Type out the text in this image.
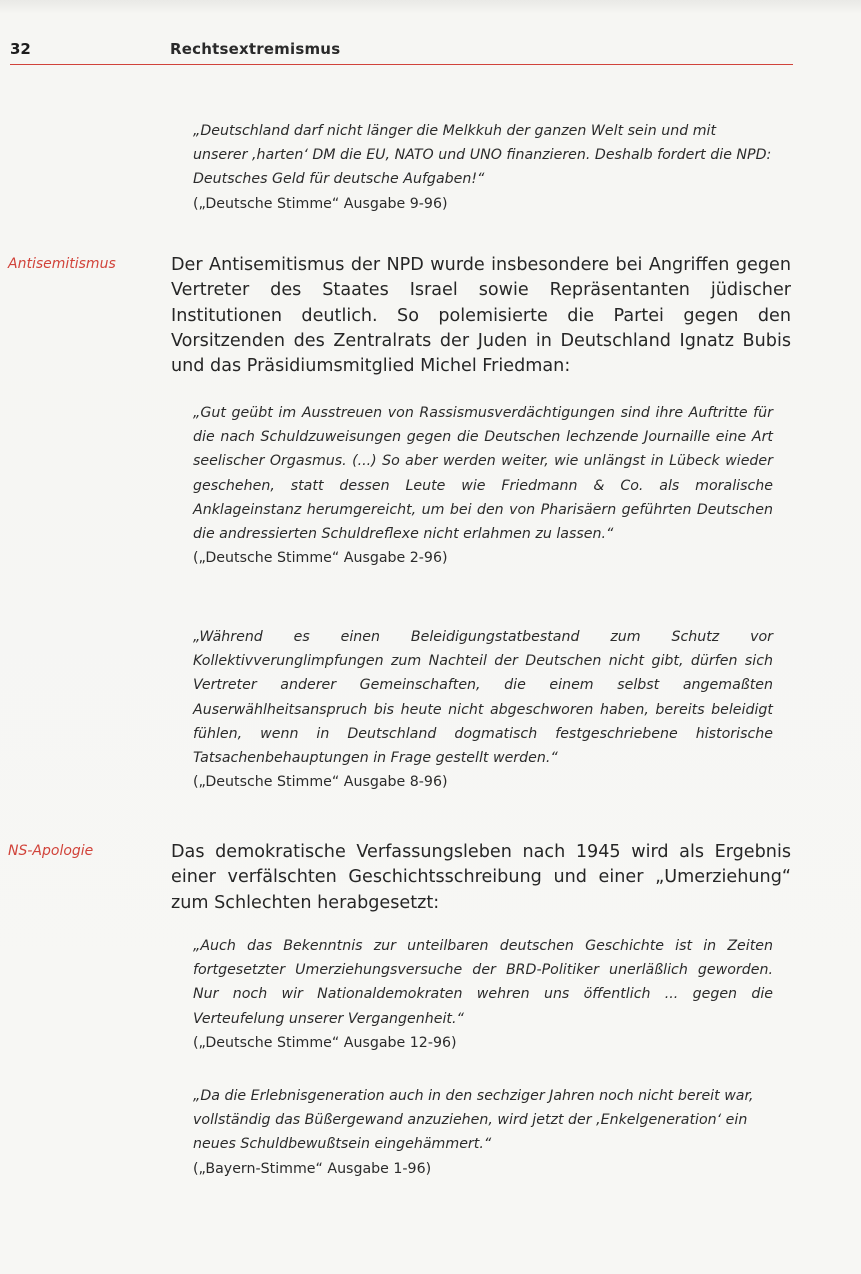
32	Rechtsextremismus

„Deutschland darf nicht länger die Melkkuh der ganzen Welt sein und mit unserer ‚harten‘ DM die EU, NATO und UNO finanzieren. Deshalb fordert die NPD: Deutsches Geld für deutsche Aufgaben!“

(„Deutsche Stimme“ Ausgabe 9-96)

Antisemitismus	Der Antisemitismus der NPD wurde insbesondere bei Angriffen gegen Vertreter des Staates Israel sowie Repräsentanten jüdischer Institutionen deutlich. So polemisierte die Partei gegen den Vorsitzenden des Zentralrats der Juden in Deutschland Ignatz Bubis und das Präsidiumsmitglied Michel Friedman:

„Gut geübt im Ausstreuen von Rassismusverdächtigungen sind ihre Auftritte für die nach Schuldzuweisungen gegen die Deutschen lechzende Journaille eine Art seelischer Orgasmus. (...) So aber werden weiter, wie unlängst in Lübeck wieder geschehen, statt dessen Leute wie Friedmann & Co. als moralische Anklageinstanz herumgereicht, um bei den von Pharisäern geführten Deutschen die andressierten Schuldreflexe nicht erlahmen zu lassen.“

(„Deutsche Stimme“ Ausgabe 2-96)

„Während es einen Beleidigungstatbestand zum Schutz vor Kollektivverunglimpfungen zum Nachteil der Deutschen nicht gibt, dürfen sich Vertreter anderer Gemeinschaften, die einem selbst angemaßten Auserwählheitsanspruch bis heute nicht abgeschworen haben, bereits beleidigt fühlen, wenn in Deutschland dogmatisch festgeschriebene historische Tatsachenbehauptungen in Frage gestellt werden.“

(„Deutsche Stimme“ Ausgabe 8-96)

NS-Apologie	Das demokratische Verfassungsleben nach 1945 wird als Ergebnis einer verfälschten Geschichtsschreibung und einer „Umerziehung“ zum Schlechten herabgesetzt:

„Auch das Bekenntnis zur unteilbaren deutschen Geschichte ist in Zeiten fortgesetzter Umerziehungsversuche der BRD-Politiker unerläßlich geworden. Nur noch wir Nationaldemokraten wehren uns öffentlich ... gegen die Verteufelung unserer Vergangenheit.“

(„Deutsche Stimme“ Ausgabe 12-96)

„Da die Erlebnisgeneration auch in den sechziger Jahren noch nicht bereit war, vollständig das Büßergewand anzuziehen, wird jetzt der ‚Enkelgeneration‘ ein neues Schuldbewußtsein eingehämmert.“

(„Bayern-Stimme“ Ausgabe 1-96)
